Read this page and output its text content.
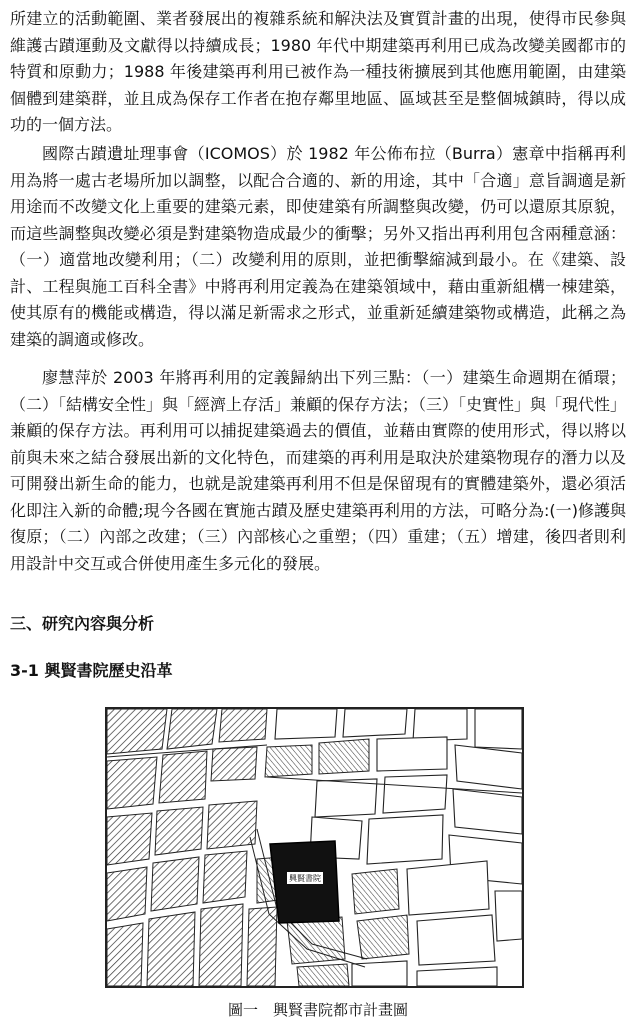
所建立的活動範圍、業者發展出的複雜系統和解決法及實質計畫的出現，使得市民參與維護古蹟運動及文獻得以持續成長；1980 年代中期建築再利用已成為改變美國都市的特質和原動力；1988 年後建築再利用已被作為一種技術擴展到其他應用範圍，由建築個體到建築群，並且成為保存工作者在抱存鄰里地區、區域甚至是整個城鎮時，得以成功的一個方法。

國際古蹟遺址理事會（ICOMOS）於 1982 年公佈布拉（Burra）憲章中指稱再利用為將一處古老場所加以調整，以配合合適的、新的用途，其中「合適」意旨調適是新用途而不改變文化上重要的建築元素，即使建築有所調整與改變，仍可以還原其原貌，而這些調整與改變必須是對建築物造成最少的衝擊；另外又指出再利用包含兩種意涵：（一）適當地改變利用；（二）改變利用的原則，並把衝擊縮減到最小。在《建築、設計、工程與施工百科全書》中將再利用定義為在建築領域中，藉由重新組構一棟建築，使其原有的機能或構造，得以滿足新需求之形式，並重新延續建築物或構造，此稱之為建築的調適或修改。

廖慧萍於 2003 年將再利用的定義歸納出下列三點：（一）建築生命週期在循環；（二）「結構安全性」與「經濟上存活」兼顧的保存方法；（三）「史實性」與「現代性」兼顧的保存方法。再利用可以捕捉建築過去的價值，並藉由實際的使用形式，得以將以前與未來之結合發展出新的文化特色，而建築的再利用是取決於建築物現存的潛力以及可開發出新生命的能力，也就是說建築再利用不但是保留現有的實體建築外，還必須活化即注入新的命體;現今各國在實施古蹟及歷史建築再利用的方法，可略分為:(一)修護與復原；（二）內部之改建；（三）內部核心之重塑；（四）重建；（五）增建，後四者則利用設計中交互或合併使用產生多元化的發展。

三、研究內容與分析

3-1 興賢書院歷史沿革

興賢書院

圖一　興賢書院都市計畫圖
